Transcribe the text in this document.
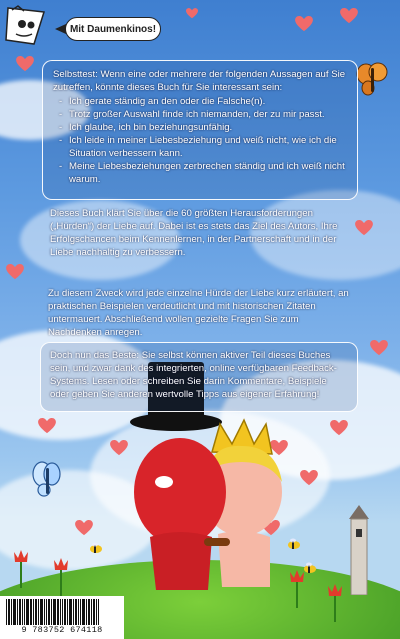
Mit Daumenkinos!

Selbsttest: Wenn eine oder mehrere der folgenden Aussagen auf Sie zutreffen, könnte dieses Buch für Sie interessant sein:

- Ich gerate ständig an den oder die Falsche(n).
- Trotz großer Auswahl finde ich niemanden, der zu mir passt.
- Ich glaube, ich bin beziehungsunfähig.
- Ich leide in meiner Liebesbeziehung und weiß nicht, wie ich die Situation verbessern kann.
- Meine Liebesbeziehungen zerbrechen ständig und ich weiß nicht warum.

Dieses Buch klärt Sie über die 60 größten Herausforderungen („Hürden“) der Liebe auf. Dabei ist es stets das Ziel des Autors, Ihre Erfolgschancen beim Kennenlernen, in der Partnerschaft und in der Liebe nachhaltig zu verbessern.

Zu diesem Zweck wird jede einzelne Hürde der Liebe kurz erläutert, an praktischen Beispielen verdeutlicht und mit historischen Zitaten untermauert. Abschließend wollen gezielte Fragen Sie zum Nachdenken anregen.

Doch nun das Beste: Sie selbst können aktiver Teil dieses Buches sein, und zwar dank des integrierten, online verfügbaren Feedback-Systems. Lesen oder schreiben Sie darin Kommentare, Beispiele oder geben Sie anderen wertvolle Tipps aus eigener Erfahrung!

9 783752 674118
